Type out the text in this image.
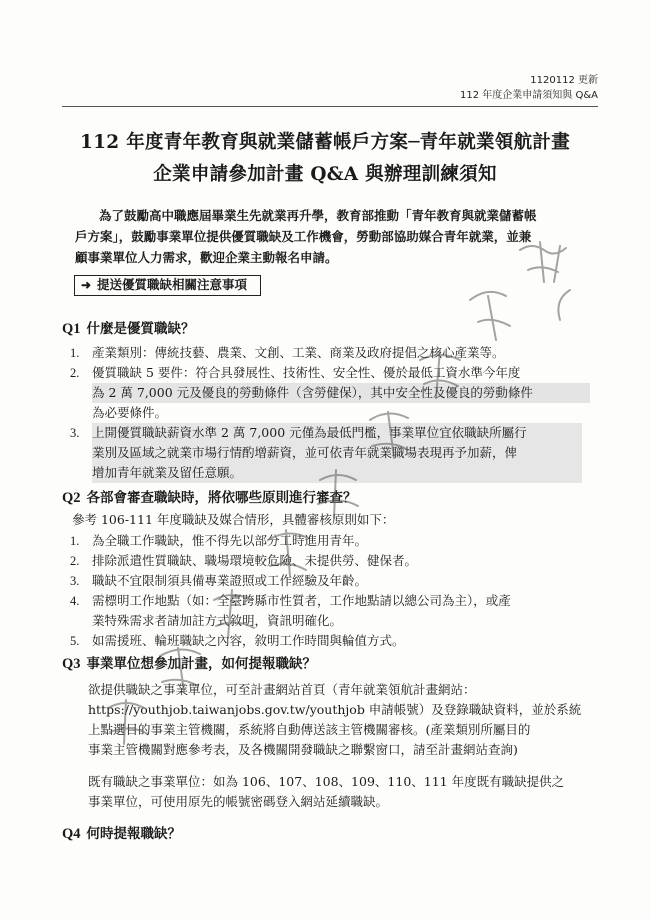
1120112 更新
112 年度企業申請須知與 Q&A
112 年度青年教育與就業儲蓄帳戶方案─青年就業領航計畫
企業申請參加計畫 Q&A 與辦理訓練須知
為了鼓勵高中職應屆畢業生先就業再升學，教育部推動「青年教育與就業儲蓄帳
戶方案」，鼓勵事業單位提供優質職缺及工作機會，勞動部協助媒合青年就業，並兼
顧事業單位人力需求，歡迎企業主動報名申請。
➜ 提送優質職缺相關注意事項
Q1 什麼是優質職缺？
1.	產業類別：傳統技藝、農業、文創、工業、商業及政府提倡之核心產業等。
2.	優質職缺 5 要件：符合具發展性、技術性、安全性、優於最低工資水準今年度
為 2 萬 7,000 元及優良的勞動條件（含勞健保），其中安全性及優良的勞動條件
為必要條件。
3.	上開優質職缺薪資水準 2 萬 7,000 元僅為最低門檻，事業單位宜依職缺所屬行
業別及區域之就業市場行情酌增薪資，並可依青年就業職場表現再予加薪，俾
增加青年就業及留任意願。
Q2 各部會審查職缺時，將依哪些原則進行審查？
參考 106-111 年度職缺及媒合情形，具體審核原則如下：
1.	為全職工作職缺，惟不得先以部分工時進用青年。
2.	排除派遣性質職缺、職場環境較危險、未提供勞、健保者。
3.	職缺不宜限制須具備專業證照或工作經驗及年齡。
4.	需標明工作地點（如：全臺跨縣市性質者，工作地點請以總公司為主），或產
業特殊需求者請加註方式敘明，資訊明確化。
5.	如需援班、輪班職缺之內容，敘明工作時間與輪值方式。
Q3 事業單位想參加計畫，如何提報職缺？
欲提供職缺之事業單位，可至計畫網站首頁（青年就業領航計畫網站：
https://youthjob.taiwanjobs.gov.tw/youthjob 申請帳號）及登錄職缺資料，並於系統
上點選目的事業主管機關，系統將自動傳送該主管機關審核。(產業類別所屬目的
事業主管機關對應參考表，及各機關開發職缺之聯繫窗口，請至計畫網站查詢)
既有職缺之事業單位：如為 106、107、108、109、110、111 年度既有職缺提供之
事業單位，可使用原先的帳號密碼登入網站延續職缺。
Q4 何時提報職缺？
